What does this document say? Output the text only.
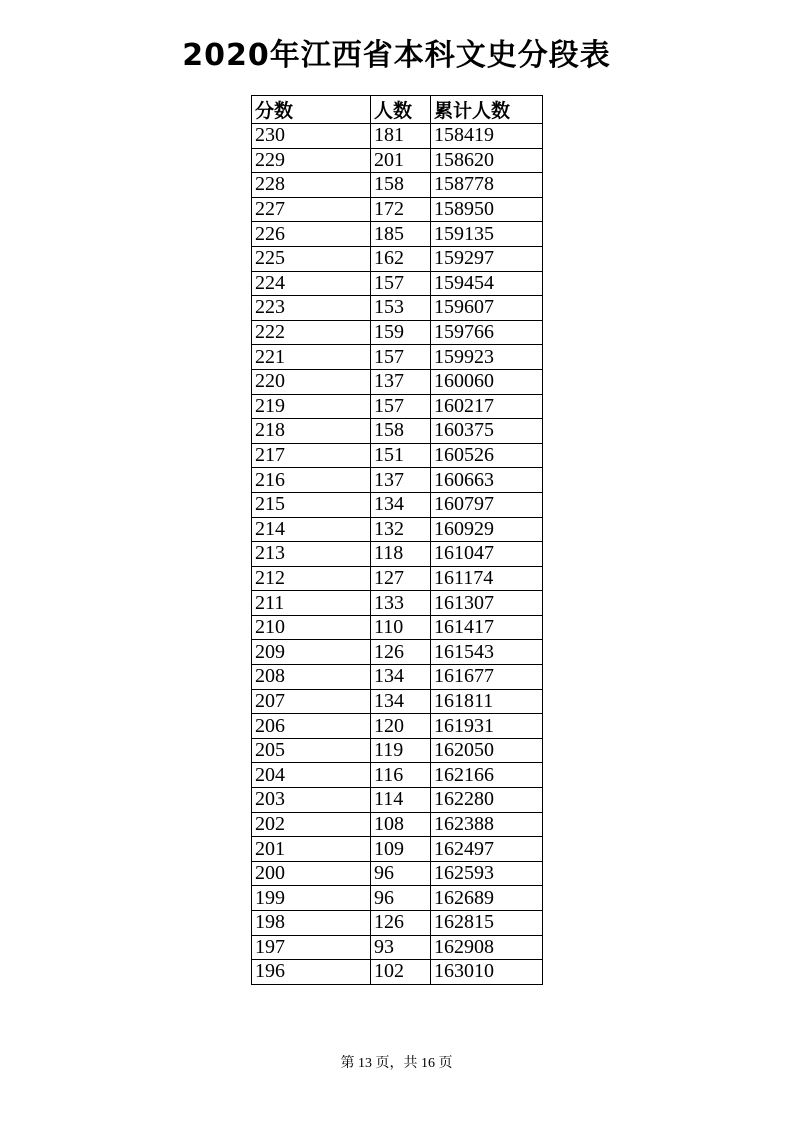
2020年江西省本科文史分段表
分数	人数	累计人数
230	181	158419
229	201	158620
228	158	158778
227	172	158950
226	185	159135
225	162	159297
224	157	159454
223	153	159607
222	159	159766
221	157	159923
220	137	160060
219	157	160217
218	158	160375
217	151	160526
216	137	160663
215	134	160797
214	132	160929
213	118	161047
212	127	161174
211	133	161307
210	110	161417
209	126	161543
208	134	161677
207	134	161811
206	120	161931
205	119	162050
204	116	162166
203	114	162280
202	108	162388
201	109	162497
200	96	162593
199	96	162689
198	126	162815
197	93	162908
196	102	163010
第 13 页，共 16 页
